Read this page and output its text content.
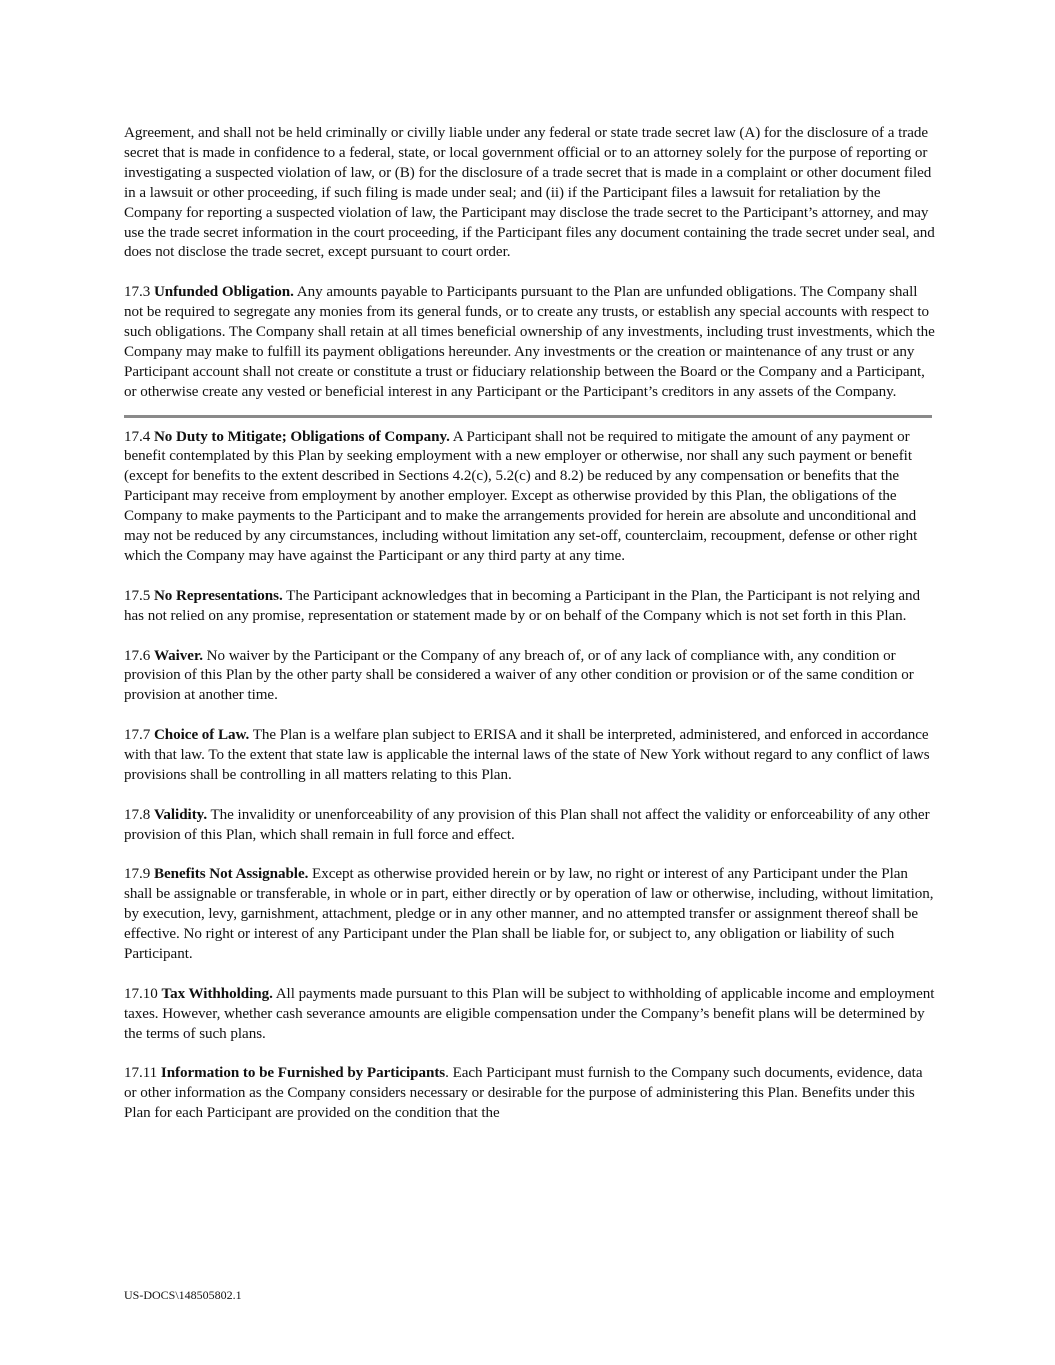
Agreement, and shall not be held criminally or civilly liable under any federal or state trade secret law (A) for the disclosure of a trade secret that is made in confidence to a federal, state, or local government official or to an attorney solely for the purpose of reporting or investigating a suspected violation of law, or (B) for the disclosure of a trade secret that is made in a complaint or other document filed in a lawsuit or other proceeding, if such filing is made under seal; and (ii) if the Participant files a lawsuit for retaliation by the Company for reporting a suspected violation of law, the Participant may disclose the trade secret to the Participant’s attorney, and may use the trade secret information in the court proceeding, if the Participant files any document containing the trade secret under seal, and does not disclose the trade secret, except pursuant to court order.

17.3 Unfunded Obligation. Any amounts payable to Participants pursuant to the Plan are unfunded obligations. The Company shall not be required to segregate any monies from its general funds, or to create any trusts, or establish any special accounts with respect to such obligations. The Company shall retain at all times beneficial ownership of any investments, including trust investments, which the Company may make to fulfill its payment obligations hereunder. Any investments or the creation or maintenance of any trust or any Participant account shall not create or constitute a trust or fiduciary relationship between the Board or the Company and a Participant, or otherwise create any vested or beneficial interest in any Participant or the Participant’s creditors in any assets of the Company.

17.4 No Duty to Mitigate; Obligations of Company. A Participant shall not be required to mitigate the amount of any payment or benefit contemplated by this Plan by seeking employment with a new employer or otherwise, nor shall any such payment or benefit (except for benefits to the extent described in Sections 4.2(c), 5.2(c) and 8.2) be reduced by any compensation or benefits that the Participant may receive from employment by another employer. Except as otherwise provided by this Plan, the obligations of the Company to make payments to the Participant and to make the arrangements provided for herein are absolute and unconditional and may not be reduced by any circumstances, including without limitation any set-off, counterclaim, recoupment, defense or other right which the Company may have against the Participant or any third party at any time.

17.5 No Representations. The Participant acknowledges that in becoming a Participant in the Plan, the Participant is not relying and has not relied on any promise, representation or statement made by or on behalf of the Company which is not set forth in this Plan.

17.6 Waiver. No waiver by the Participant or the Company of any breach of, or of any lack of compliance with, any condition or provision of this Plan by the other party shall be considered a waiver of any other condition or provision or of the same condition or provision at another time.

17.7 Choice of Law. The Plan is a welfare plan subject to ERISA and it shall be interpreted, administered, and enforced in accordance with that law. To the extent that state law is applicable the internal laws of the state of New York without regard to any conflict of laws provisions shall be controlling in all matters relating to this Plan.

17.8 Validity. The invalidity or unenforceability of any provision of this Plan shall not affect the validity or enforceability of any other provision of this Plan, which shall remain in full force and effect.

17.9 Benefits Not Assignable. Except as otherwise provided herein or by law, no right or interest of any Participant under the Plan shall be assignable or transferable, in whole or in part, either directly or by operation of law or otherwise, including, without limitation, by execution, levy, garnishment, attachment, pledge or in any other manner, and no attempted transfer or assignment thereof shall be effective. No right or interest of any Participant under the Plan shall be liable for, or subject to, any obligation or liability of such Participant.

17.10 Tax Withholding. All payments made pursuant to this Plan will be subject to withholding of applicable income and employment taxes. However, whether cash severance amounts are eligible compensation under the Company’s benefit plans will be determined by the terms of such plans.

17.11 Information to be Furnished by Participants. Each Participant must furnish to the Company such documents, evidence, data or other information as the Company considers necessary or desirable for the purpose of administering this Plan. Benefits under this Plan for each Participant are provided on the condition that the

US-DOCS\148505802.1
